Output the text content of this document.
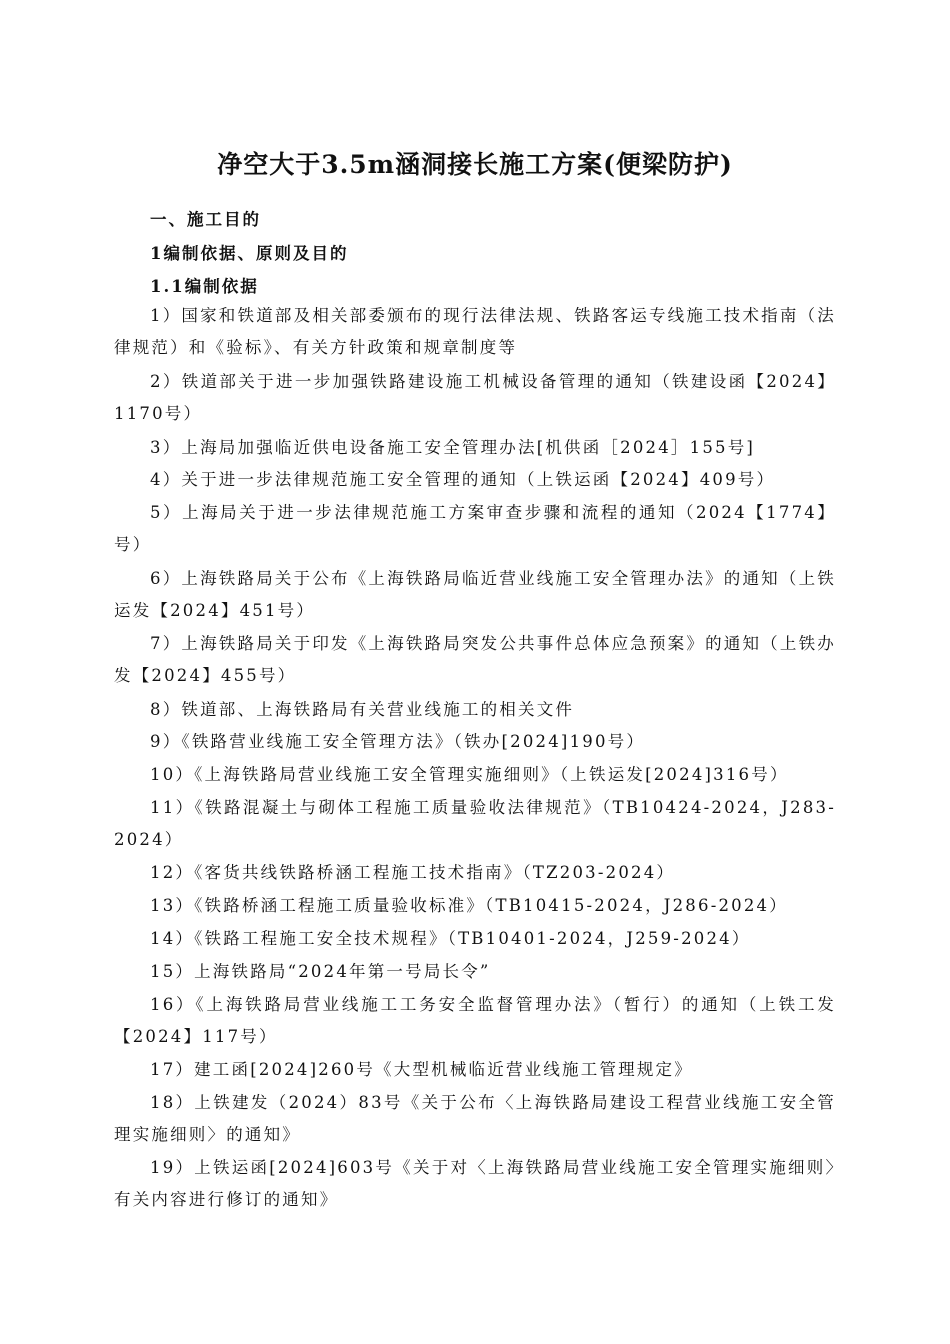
净空大于3.5m涵洞接长施工方案(便梁防护)

一、施工目的

1编制依据、原则及目的

1.1编制依据

1）国家和铁道部及相关部委颁布的现行法律法规、铁路客运专线施工技术指南（法律规范）和《验标》、有关方针政策和规章制度等

2）铁道部关于进一步加强铁路建设施工机械设备管理的通知（铁建设函【2024】1170号）

3）上海局加强临近供电设备施工安全管理办法[机供函［2024］155号]

4）关于进一步法律规范施工安全管理的通知（上铁运函【2024】409号）

5）上海局关于进一步法律规范施工方案审查步骤和流程的通知（2024【1774】号）

6）上海铁路局关于公布《上海铁路局临近营业线施工安全管理办法》的通知（上铁运发【2024】451号）

7）上海铁路局关于印发《上海铁路局突发公共事件总体应急预案》的通知（上铁办发【2024】455号）

8）铁道部、上海铁路局有关营业线施工的相关文件

9）《铁路营业线施工安全管理方法》（铁办[2024]190号）

10）《上海铁路局营业线施工安全管理实施细则》（上铁运发[2024]316号）

11）《铁路混凝土与砌体工程施工质量验收法律规范》（TB10424-2024，J283-2024）

12）《客货共线铁路桥涵工程施工技术指南》（TZ203-2024）

13）《铁路桥涵工程施工质量验收标准》（TB10415-2024，J286-2024）

14）《铁路工程施工安全技术规程》（TB10401-2024，J259-2024）

15）上海铁路局“2024年第一号局长令”

16）《上海铁路局营业线施工工务安全监督管理办法》（暂行）的通知（上铁工发【2024】117号）

17）建工函[2024]260号《大型机械临近营业线施工管理规定》

18）上铁建发（2024）83号《关于公布〈上海铁路局建设工程营业线施工安全管理实施细则〉的通知》

19）上铁运函[2024]603号《关于对〈上海铁路局营业线施工安全管理实施细则〉有关内容进行修订的通知》
